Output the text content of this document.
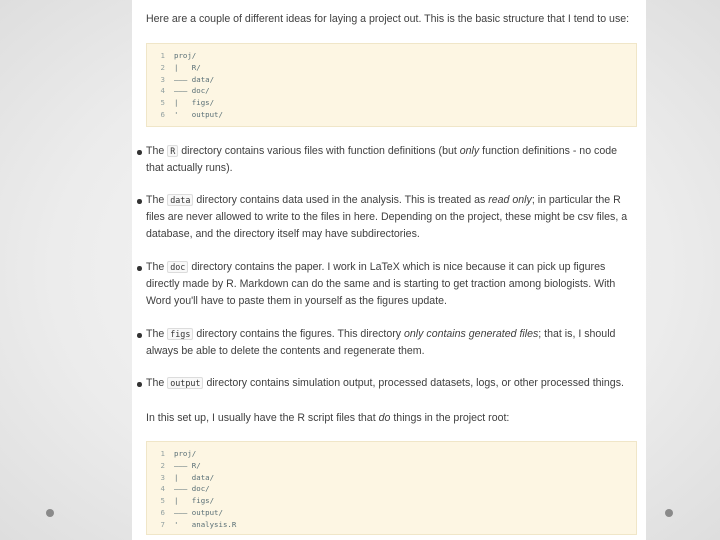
Here are a couple of different ideas for laying a project out. This is the basic structure that I tend to use:

1 proj/
2 |   R/
3 ——— data/
4 ——— doc/
5 |   figs/
6 '   output/

The R directory contains various files with function definitions (but only function definitions - no code that actually runs).

The data directory contains data used in the analysis. This is treated as read only; in particular the R files are never allowed to write to the files in here. Depending on the project, these might be csv files, a database, and the directory itself may have subdirectories.

The doc directory contains the paper. I work in LaTeX which is nice because it can pick up figures directly made by R. Markdown can do the same and is starting to get traction among biologists. With Word you'll have to paste them in yourself as the figures update.

The figs directory contains the figures. This directory only contains generated files; that is, I should always be able to delete the contents and regenerate them.

The output directory contains simulation output, processed datasets, logs, or other processed things.

In this set up, I usually have the R script files that do things in the project root:

1 proj/
2 ——— R/
3 |   data/
4 ——— doc/
5 |   figs/
6 ——— output/
7 '   analysis.R
